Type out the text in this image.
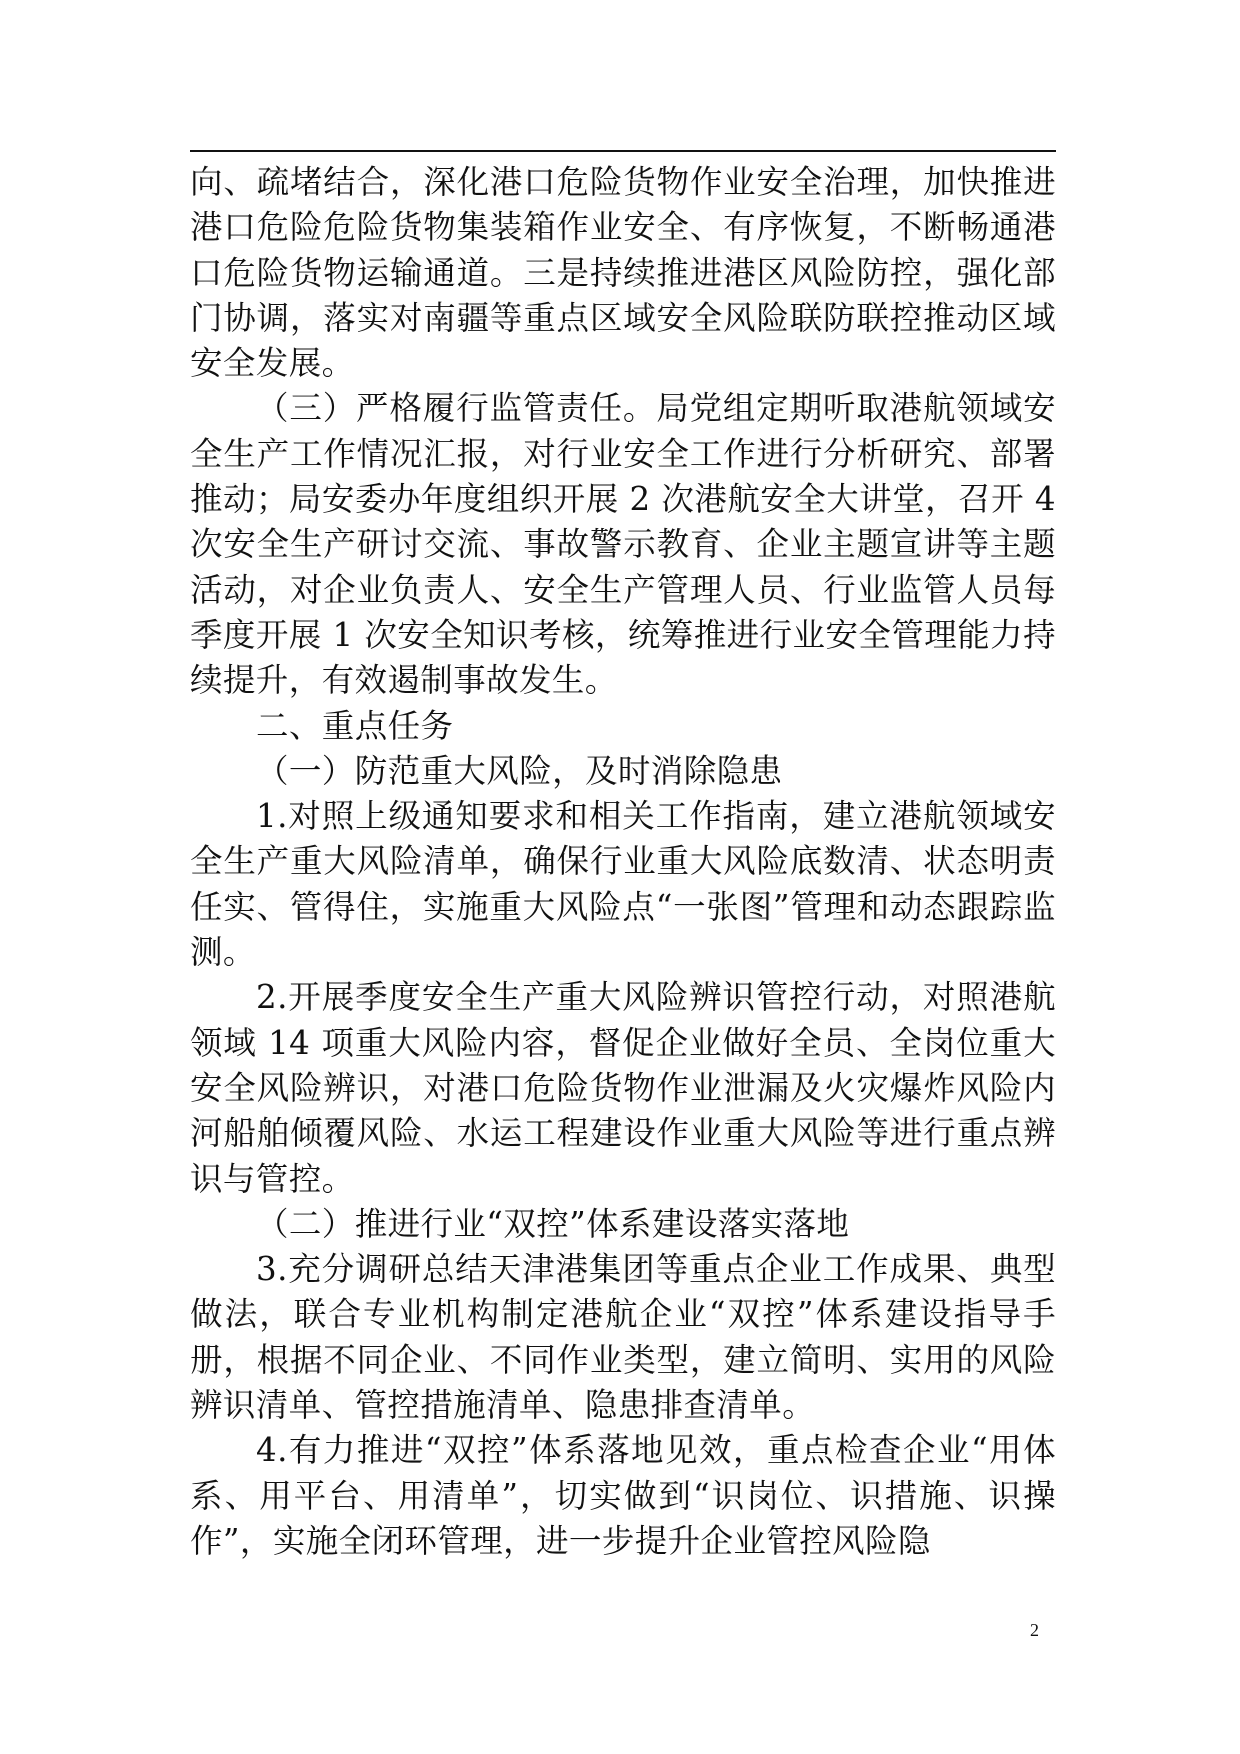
向、疏堵结合，深化港口危险货物作业安全治理，加快推进港口危险危险货物集装箱作业安全、有序恢复，不断畅通港口危险货物运输通道。三是持续推进港区风险防控，强化部门协调，落实对南疆等重点区域安全风险联防联控推动区域安全发展。

（三）严格履行监管责任。局党组定期听取港航领域安全生产工作情况汇报，对行业安全工作进行分析研究、部署推动；局安委办年度组织开展 2 次港航安全大讲堂，召开 4 次安全生产研讨交流、事故警示教育、企业主题宣讲等主题活动，对企业负责人、安全生产管理人员、行业监管人员每季度开展 1 次安全知识考核，统筹推进行业安全管理能力持续提升，有效遏制事故发生。

二、重点任务

（一）防范重大风险，及时消除隐患

1.对照上级通知要求和相关工作指南，建立港航领域安全生产重大风险清单，确保行业重大风险底数清、状态明责任实、管得住，实施重大风险点“一张图”管理和动态跟踪监测。

2.开展季度安全生产重大风险辨识管控行动，对照港航领域 14 项重大风险内容，督促企业做好全员、全岗位重大安全风险辨识，对港口危险货物作业泄漏及火灾爆炸风险内河船舶倾覆风险、水运工程建设作业重大风险等进行重点辨识与管控。

（二）推进行业“双控”体系建设落实落地

3.充分调研总结天津港集团等重点企业工作成果、典型做法，联合专业机构制定港航企业“双控”体系建设指导手册，根据不同企业、不同作业类型，建立简明、实用的风险辨识清单、管控措施清单、隐患排查清单。

4.有力推进“双控”体系落地见效，重点检查企业“用体系、用平台、用清单”，切实做到“识岗位、识措施、识操作”，实施全闭环管理，进一步提升企业管控风险隐

2
